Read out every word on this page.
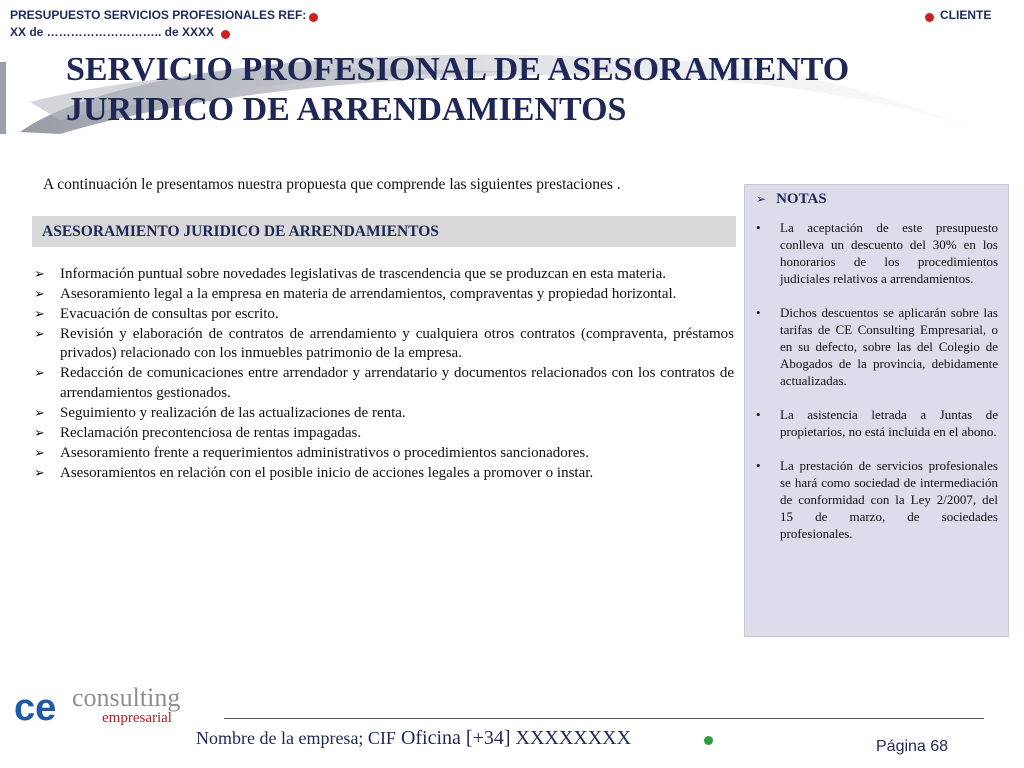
PRESUPUESTO SERVICIOS PROFESIONALES REF:
XX de ……………………….. de XXXX
CLIENTE
SERVICIO PROFESIONAL DE ASESORAMIENTO
JURIDICO DE ARRENDAMIENTOS
A continuación le presentamos nuestra propuesta que comprende las siguientes prestaciones .
ASESORAMIENTO JURIDICO DE ARRENDAMIENTOS
➢ Información puntual sobre novedades legislativas de trascendencia que se produzcan en esta materia.
➢ Asesoramiento legal a la empresa en materia de arrendamientos, compraventas y propiedad horizontal.
➢ Evacuación de consultas por escrito.
➢ Revisión y elaboración de contratos de arrendamiento y cualquiera otros contratos (compraventa, préstamos privados) relacionado con los inmuebles patrimonio de la empresa.
➢ Redacción de comunicaciones entre arrendador y arrendatario y documentos relacionados con los contratos de arrendamientos gestionados.
➢ Seguimiento y realización de las actualizaciones de renta.
➢ Reclamación precontenciosa de rentas impagadas.
➢ Asesoramiento frente a requerimientos administrativos o procedimientos sancionadores.
➢ Asesoramientos en relación con el posible inicio de acciones legales a promover o instar.
➢ NOTAS
• La aceptación de este presupuesto conlleva un descuento del 30% en los honorarios de los procedimientos judiciales relativos a arrendamientos.
• Dichos descuentos se aplicarán sobre las tarifas de CE Consulting Empresarial, o en su defecto, sobre las del Colegio de Abogados de la provincia, debidamente actualizadas.
• La asistencia letrada a Juntas de propietarios, no está incluida en el abono.
• La prestación de servicios profesionales se hará como sociedad de intermediación de conformidad con la Ley 2/2007, del 15 de marzo, de sociedades profesionales.
ce consulting
empresarial
Nombre de la empresa; CIF Oficina [+34] XXXXXXXX	Página 68
